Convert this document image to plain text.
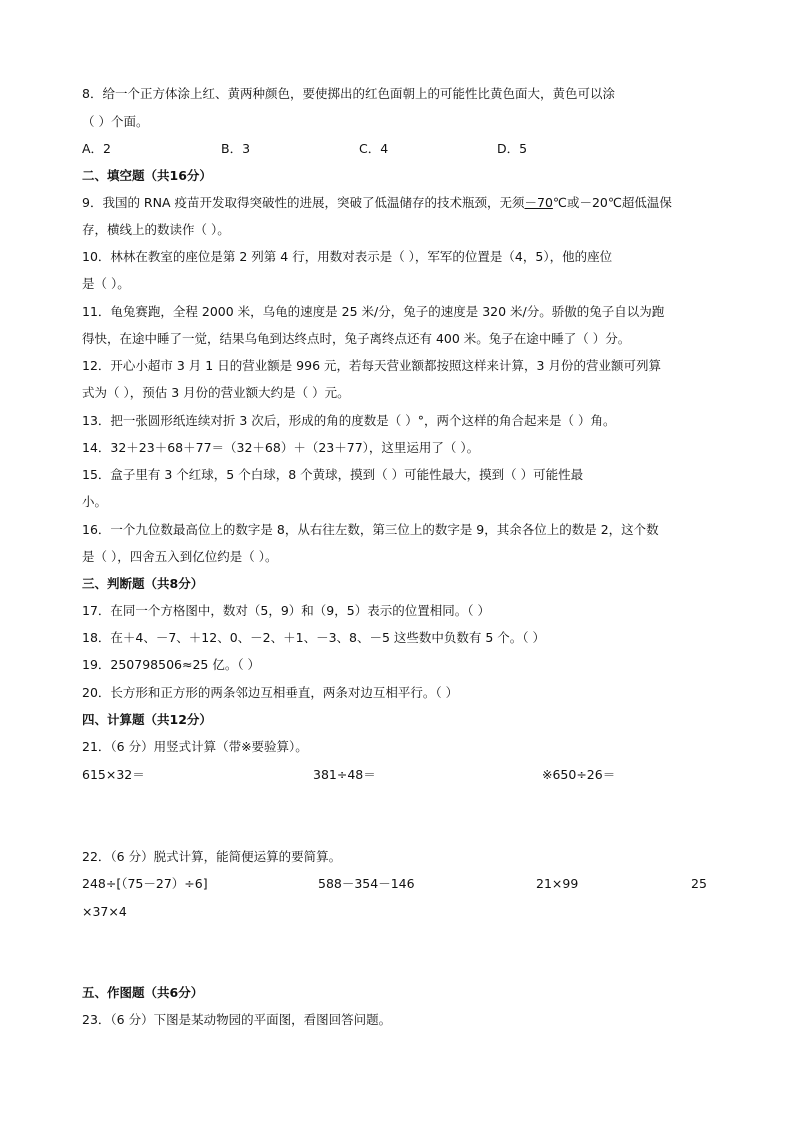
8．给一个正方体涂上红、黄两种颜色，要使掷出的红色面朝上的可能性比黄色面大，黄色可以涂
（ ）个面。
A．2	B．3	C．4	D．5
二、填空题（共16分）
9．我国的 RNA 疫苗开发取得突破性的进展，突破了低温储存的技术瓶颈，无须－70℃或－20℃超低温保
存，横线上的数读作（ ）。
10．林林在教室的座位是第 2 列第 4 行，用数对表示是（ ），军军的位置是（4，5），他的座位
是（ ）。
11．龟兔赛跑，全程 2000 米，乌龟的速度是 25 米/分，兔子的速度是 320 米/分。骄傲的兔子自以为跑
得快，在途中睡了一觉，结果乌龟到达终点时，兔子离终点还有 400 米。兔子在途中睡了（ ）分。
12．开心小超市 3 月 1 日的营业额是 996 元，若每天营业额都按照这样来计算，3 月份的营业额可列算
式为（ ），预估 3 月份的营业额大约是（ ）元。
13．把一张圆形纸连续对折 3 次后，形成的角的度数是（ ）°，两个这样的角合起来是（ ）角。
14．32＋23＋68＋77＝（32＋68）＋（23＋77），这里运用了（ ）。
15．盒子里有 3 个红球，5 个白球，8 个黄球，摸到（ ）可能性最大，摸到（ ）可能性最
小。
16．一个九位数最高位上的数字是 8，从右往左数，第三位上的数字是 9，其余各位上的数是 2，这个数
是（ ），四舍五入到亿位约是（ ）。
三、判断题（共8分）
17．在同一个方格图中，数对（5，9）和（9，5）表示的位置相同。（ ）
18．在＋4、－7、＋12、0、－2、＋1、－3、8、－5 这些数中负数有 5 个。（ ）
19．250798506≈25 亿。（ ）
20．长方形和正方形的两条邻边互相垂直，两条对边互相平行。（ ）
四、计算题（共12分）
21．（6 分）用竖式计算（带※要验算）。
615×32＝	381÷48＝	※650÷26＝
22．（6 分）脱式计算，能简便运算的要简算。
248÷[（75－27）÷6]	588－354－146	21×99	25
×37×4
五、作图题（共6分）
23．（6 分）下图是某动物园的平面图，看图回答问题。
